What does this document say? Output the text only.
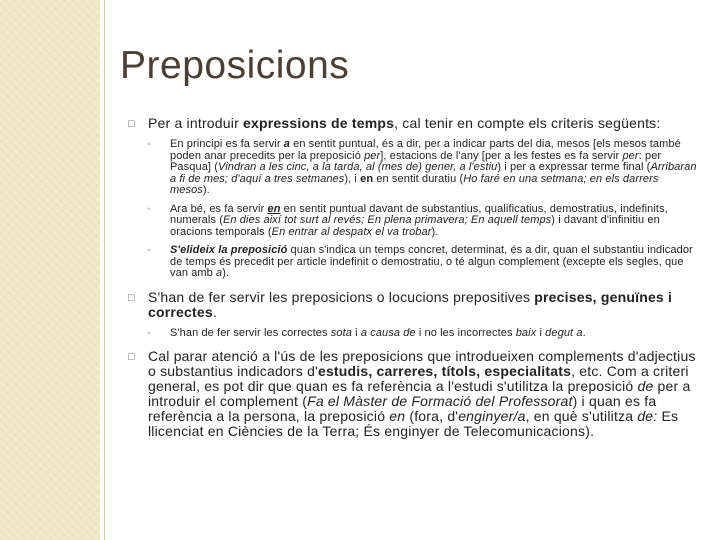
Preposicions
□ Per a introduir expressions de temps, cal tenir en compte els criteris següents:
◦ En principi es fa servir a en sentit puntual, és a dir, per a indicar parts del dia, mesos [els mesos també poden anar precedits per la preposició per], estacions de l'any [per a les festes es fa servir per: per Pasqua] (Vindran a les cinc, a la tarda, al (mes de) gener, a l'estiu) i per a expressar terme final (Arribaran a fi de mes; d'aquí a tres setmanes), i en en sentit duratiu (Ho faré en una setmana; en els darrers mesos).
◦ Ara bé, es fa servir en en sentit puntual davant de substantius, qualificatius, demostratius, indefinits, numerals (En dies així tot surt al revés; En plena primavera; En aquell temps) i davant d'infinitiu en oracions temporals (En entrar al despatx el va trobar).
◦ S'elideix la preposició quan s'indica un temps concret, determinat, és a dir, quan el substantiu indicador de temps és precedit per article indefinit o demostratiu, o té algun complement (excepte els segles, que van amb a).
□ S'han de fer servir les preposicions o locucions prepositives precises, genuïnes i correctes.
◦ S'han de fer servir les correctes sota i a causa de i no les incorrectes baix i degut a.
□ Cal parar atenció a l'ús de les preposicions que introdueixen complements d'adjectius o substantius indicadors d'estudis, carreres, títols, especialitats, etc. Com a criteri general, es pot dir que quan es fa referència a l'estudi s'utilitza la preposició de per a introduir el complement (Fa el Màster de Formació del Professorat) i quan es fa referència a la persona, la preposició en (fora, d'enginyer/a, en què s'utilitza de: Es llicenciat en Ciències de la Terra; És enginyer de Telecomunicacions).
